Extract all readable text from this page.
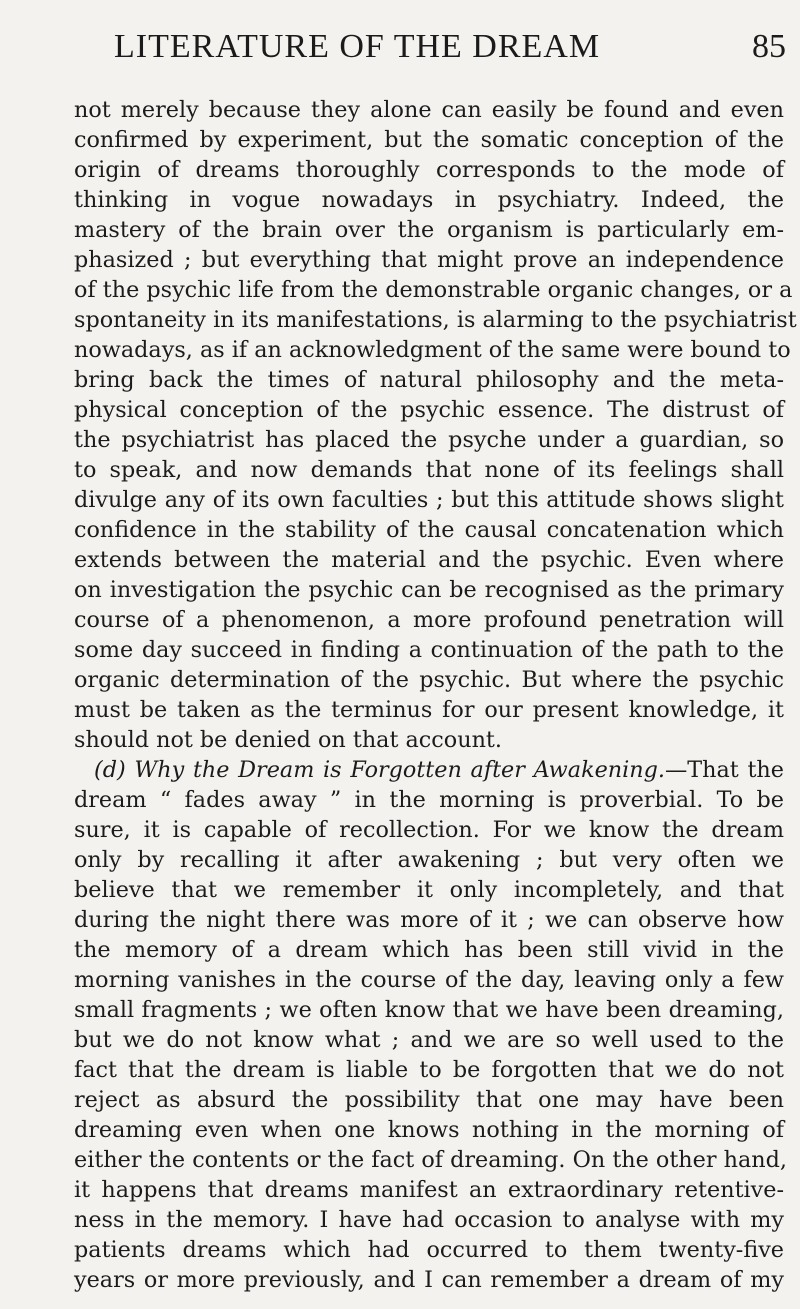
LITERATURE OF THE DREAM	85
not merely because they alone can easily be found and even
confirmed by experiment, but the somatic conception of the
origin of dreams thoroughly corresponds to the mode of
thinking in vogue nowadays in psychiatry. Indeed, the
mastery of the brain over the organism is particularly em-
phasized ; but everything that might prove an independence
of the psychic life from the demonstrable organic changes, or a
spontaneity in its manifestations, is alarming to the psychiatrist
nowadays, as if an acknowledgment of the same were bound to
bring back the times of natural philosophy and the meta-
physical conception of the psychic essence. The distrust of
the psychiatrist has placed the psyche under a guardian, so
to speak, and now demands that none of its feelings shall
divulge any of its own faculties ; but this attitude shows slight
confidence in the stability of the causal concatenation which
extends between the material and the psychic. Even where
on investigation the psychic can be recognised as the primary
course of a phenomenon, a more profound penetration will
some day succeed in finding a continuation of the path to the
organic determination of the psychic. But where the psychic
must be taken as the terminus for our present knowledge, it
should not be denied on that account.
(d) Why the Dream is Forgotten after Awakening.—That the
dream “ fades away ” in the morning is proverbial. To be
sure, it is capable of recollection. For we know the dream
only by recalling it after awakening ; but very often we
believe that we remember it only incompletely, and that
during the night there was more of it ; we can observe how
the memory of a dream which has been still vivid in the
morning vanishes in the course of the day, leaving only a few
small fragments ; we often know that we have been dreaming,
but we do not know what ; and we are so well used to the
fact that the dream is liable to be forgotten that we do not
reject as absurd the possibility that one may have been
dreaming even when one knows nothing in the morning of
either the contents or the fact of dreaming. On the other hand,
it happens that dreams manifest an extraordinary retentive-
ness in the memory. I have had occasion to analyse with my
patients dreams which had occurred to them twenty-five
years or more previously, and I can remember a dream of my
